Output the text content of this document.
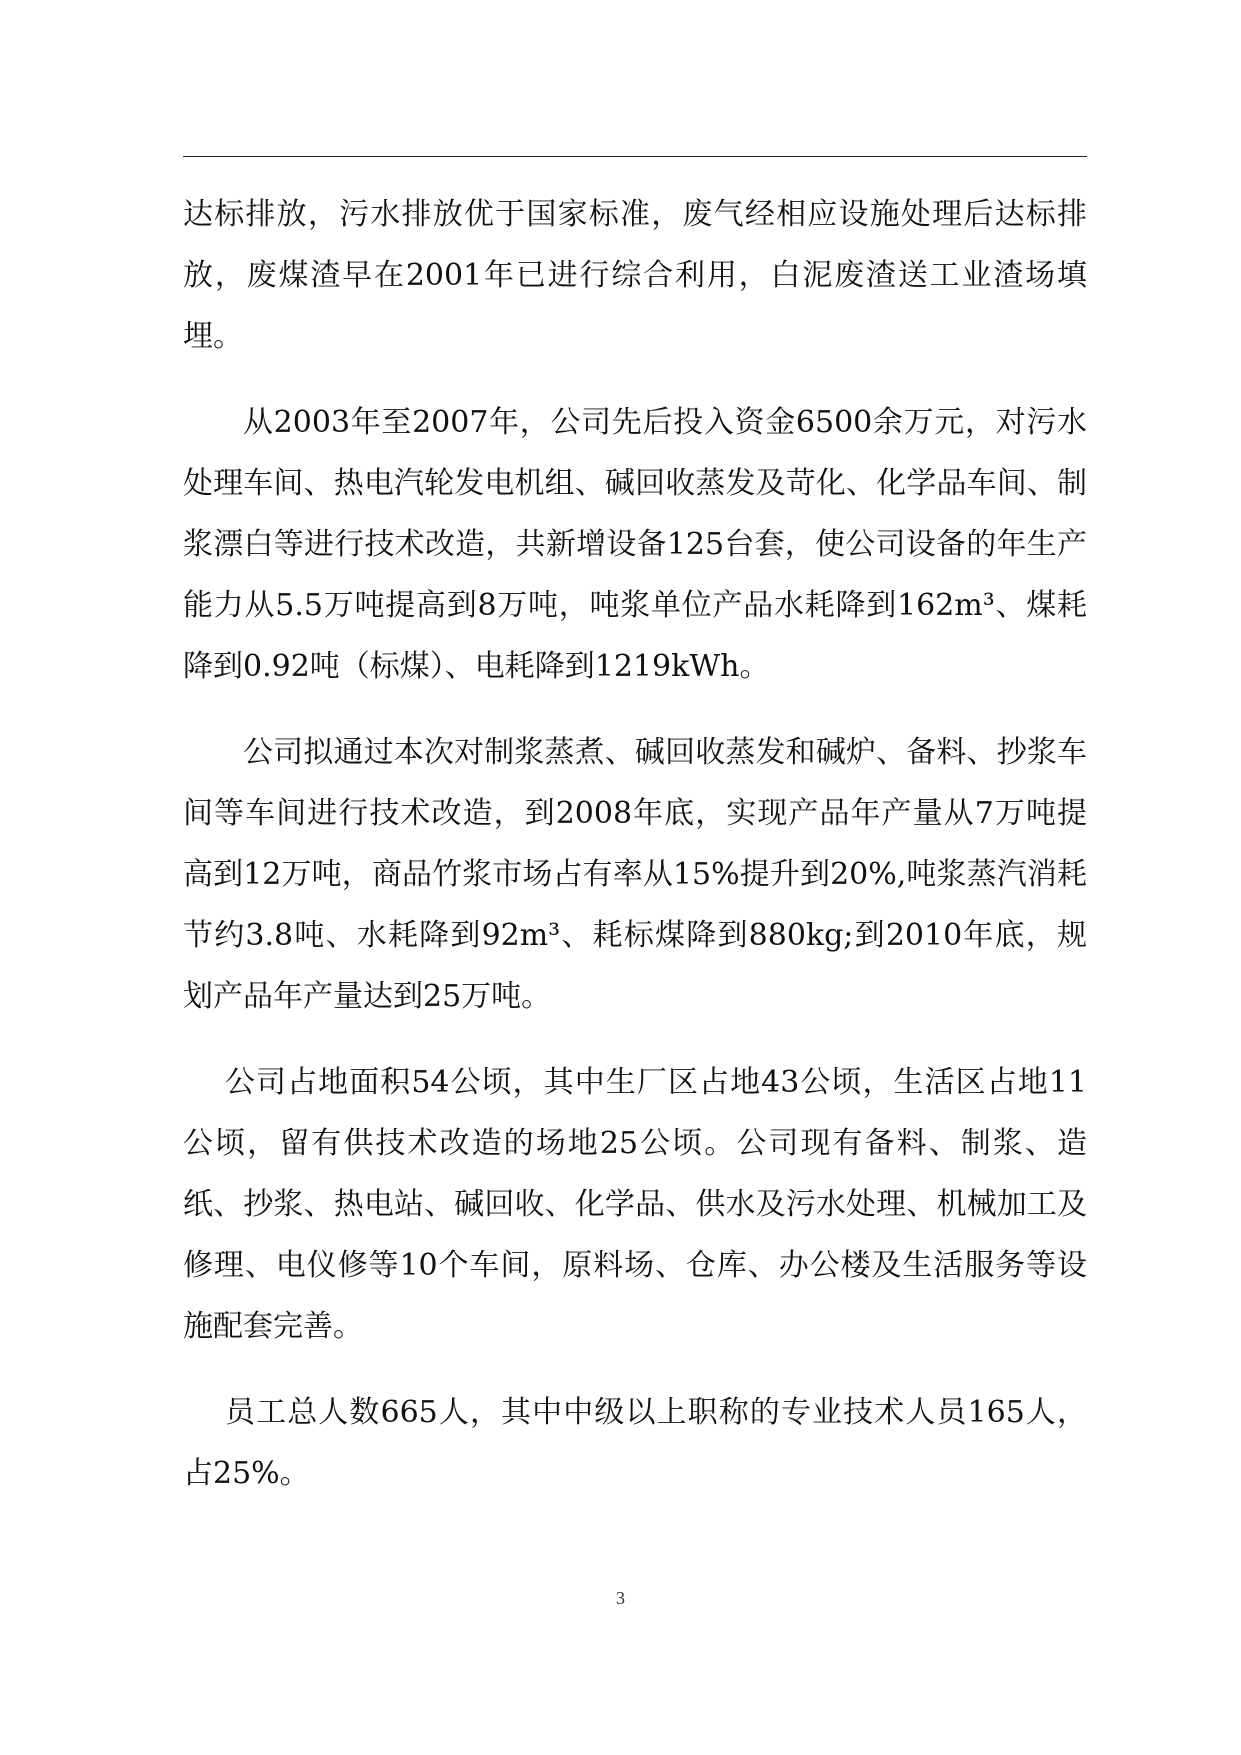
达标排放，污水排放优于国家标准，废气经相应设施处理后达标排放，废煤渣早在2001年已进行综合利用，白泥废渣送工业渣场填埋。

从2003年至2007年，公司先后投入资金6500余万元，对污水处理车间、热电汽轮发电机组、碱回收蒸发及苛化、化学品车间、制浆漂白等进行技术改造，共新增设备125台套，使公司设备的年生产能力从5.5万吨提高到8万吨，吨浆单位产品水耗降到162m³、煤耗降到0.92吨（标煤）、电耗降到1219kWh。

公司拟通过本次对制浆蒸煮、碱回收蒸发和碱炉、备料、抄浆车间等车间进行技术改造，到2008年底，实现产品年产量从7万吨提高到12万吨，商品竹浆市场占有率从15%提升到20%,吨浆蒸汽消耗节约3.8吨、水耗降到92m³、耗标煤降到880kg;到2010年底，规划产品年产量达到25万吨。

公司占地面积54公顷，其中生厂区占地43公顷，生活区占地11公顷，留有供技术改造的场地25公顷。公司现有备料、制浆、造纸、抄浆、热电站、碱回收、化学品、供水及污水处理、机械加工及修理、电仪修等10个车间，原料场、仓库、办公楼及生活服务等设施配套完善。

员工总人数665人，其中中级以上职称的专业技术人员165人，占25%。

3
